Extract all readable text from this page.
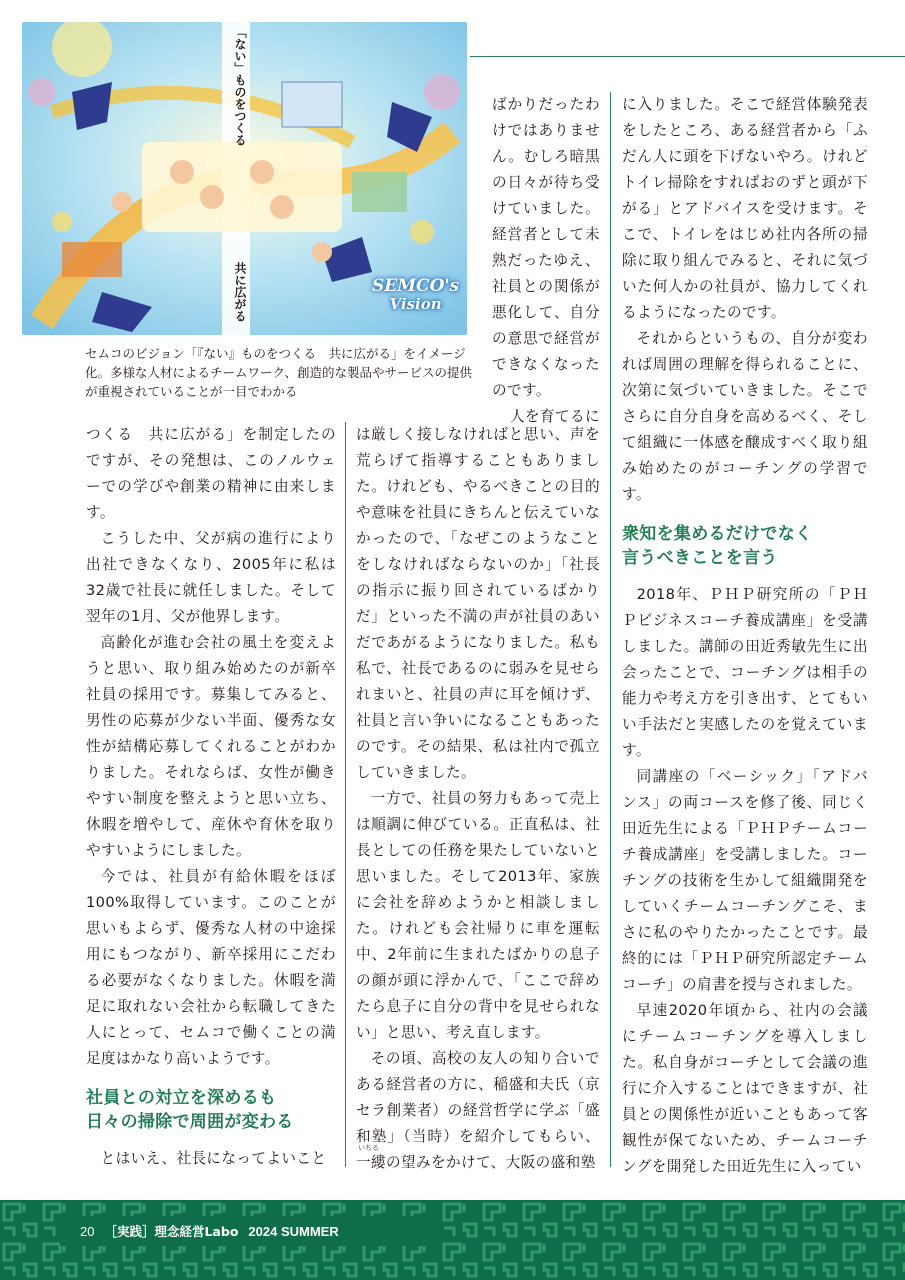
「ない」ものをつくる
共に広がる	SEMCO's
Vision
セムコのビジョン「『ない』ものをつくる　共に広がる」をイメージ化。多様な人材によるチームワーク、創造的な製品やサービスの提供が重視されていることが一目でわかる

ばかりだったわけではありません。むしろ暗黒の日々が待ち受けていました。経営者として未熟だったゆえ、社員との関係が悪化して、自分の意思で経営ができなくなったのです。

人を育てるに

つくる　共に広がる」を制定したのですが、その発想は、このノルウェーでの学びや創業の精神に由来します。

こうした中、父が病の進行により出社できなくなり、2005年に私は32歳で社長に就任しました。そして翌年の1月、父が他界します。

高齢化が進む会社の風土を変えようと思い、取り組み始めたのが新卒社員の採用です。募集してみると、男性の応募が少ない半面、優秀な女性が結構応募してくれることがわかりました。それならば、女性が働きやすい制度を整えようと思い立ち、休暇を増やして、産休や育休を取りやすいようにしました。

今では、社員が有給休暇をほぼ100%取得しています。このことが思いもよらず、優秀な人材の中途採用にもつながり、新卒採用にこだわる必要がなくなりました。休暇を満足に取れない会社から転職してきた人にとって、セムコで働くことの満足度はかなり高いようです。

社員との対立を深めるも
日々の掃除で周囲が変わる

とはいえ、社長になってよいこと

は厳しく接しなければと思い、声を荒らげて指導することもありました。けれども、やるべきことの目的や意味を社員にきちんと伝えていなかったので、「なぜこのようなことをしなければならないのか」「社長の指示に振り回されているばかりだ」といった不満の声が社員のあいだであがるようになりました。私も私で、社長であるのに弱みを見せられまいと、社員の声に耳を傾けず、社員と言い争いになることもあったのです。その結果、私は社内で孤立していきました。

一方で、社員の努力もあって売上は順調に伸びている。正直私は、社長としての任務を果たしていないと思いました。そして2013年、家族に会社を辞めようかと相談しました。けれども会社帰りに車を運転中、2年前に生まれたばかりの息子の顔が頭に浮かんで、「ここで辞めたら息子に自分の背中を見せられない」と思い、考え直します。

その頃、高校の友人の知り合いである経営者の方に、稲盛和夫氏（京セラ創業者）の経営哲学に学ぶ「盛和塾」（当時）を紹介してもらい、一縷の望みをかけて、大阪の盛和塾

いちる

に入りました。そこで経営体験発表をしたところ、ある経営者から「ふだん人に頭を下げないやろ。けれどトイレ掃除をすればおのずと頭が下がる」とアドバイスを受けます。そこで、トイレをはじめ社内各所の掃除に取り組んでみると、それに気づいた何人かの社員が、協力してくれるようになったのです。

それからというもの、自分が変われば周囲の理解を得られることに、次第に気づいていきました。そこでさらに自分自身を高めるべく、そして組織に一体感を醸成すべく取り組み始めたのがコーチングの学習です。

衆知を集めるだけでなく
言うべきことを言う

2018年、ＰＨＰ研究所の「ＰＨＰビジネスコーチ養成講座」を受講しました。講師の田近秀敏先生に出会ったことで、コーチングは相手の能力や考え方を引き出す、とてもいい手法だと実感したのを覚えています。

同講座の「ベーシック」「アドバンス」の両コースを修了後、同じく田近先生による「ＰＨＰチームコーチ養成講座」を受講しました。コーチングの技術を生かして組織開発をしていくチームコーチングこそ、まさに私のやりたかったことです。最終的には「ＰＨＰ研究所認定チームコーチ」の肩書を授与されました。

早速2020年頃から、社内の会議にチームコーチングを導入しました。私自身がコーチとして会議の進行に介入することはできますが、社員との関係性が近いこともあって客観性が保てないため、チームコーチングを開発した田近先生に入ってい

20 ［実践］理念経営Labo 2024 SUMMER
